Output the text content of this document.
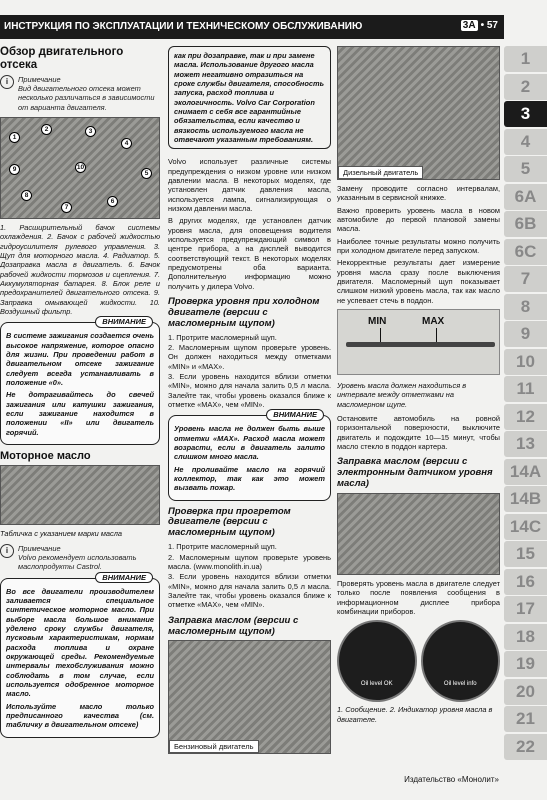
ИНСТРУКЦИЯ ПО ЭКСПЛУАТАЦИИ И ТЕХНИЧЕСКОМУ ОБСЛУЖИВАНИЮ	3A • 57
Обзор двигательного отсека
i	Примечание
Вид двигательного отсека может несколько различаться в зависимости от варианта двигателя.
1
2	3
4
5
6
7
8
9	10

1. Расширительный бачок системы охлаждения. 2. Бачок с рабочей жидкостью гидроусилителя рулевого управления. 3. Щуп для моторного масла. 4. Радиатор. 5. Дозаправка масла в двигатель. 6. Бачок рабочей жидкости тормозов и сцепления. 7. Аккумуляторная батарея. 8. Блок реле и предохранителей двигательного отсека. 9. Заправка омывающей жидкости. 10. Воздушный фильтр.

ВНИМАНИЕ

В системе зажигания создается очень высокое напряжение, которое опасно для жизни. При проведении работ в двигательном отсеке зажигание следует всегда устанавливать в положение «0».

Не дотрагивайтесь до свечей зажигания или катушки зажигания, если зажигание находится в положении «II» или двигатель горячий.

Моторное масло
Табличка с указанием марки масла
i	Примечание
Volvo рекомендует использовать маслопродукты Castrol.
ВНИМАНИЕ

Во все двигатели производителем заливается специальное синтетическое моторное масло. При выборе масла большое внимание уделено сроку службы двигателя, пусковым характеристикам, нормам расхода топлива и охране окружающей среды. Рекомендуемые интервалы техобслуживания можно соблюдать в том случае, если используется одобренное моторное масло.

Используйте масло только предписанного качества (см. табличку в двигательном отсеке)

как при дозаправке, так и при замене масла. Использование другого масла может негативно отразиться на сроке службы двигателя, способность запуска, расход топлива и экологичность. Volvo Car Corporation снимает с себя все гарантийные обязательства, если качество и вязкость используемого масла не отвечают указанным требованиям.

Volvo использует различные системы предупреждения о низком уровне или низком давлении масла. В некоторых моделях, где установлен датчик давления масла, используется лампа, сигнализирующая о низком давлении масла.

В других моделях, где установлен датчик уровня масла, для оповещения водителя используется предупреждающий символ в центре прибора, а на дисплей выводится соответствующий текст. В некоторых моделях предусмотрены оба варианта. Дополнительную информацию можно получить у дилера Volvo.

Проверка уровня при холодном двигателе (версии с масломерным щупом)

1. Протрите масломерный щуп.

2. Масломерным щупом проверьте уровень. Он должен находиться между отметками «MIN» и «MAX».

3. Если уровень находится вблизи отметки «MIN», можно для начала залить 0,5 л масла. Залейте так, чтобы уровень оказался ближе к отметке «MAX», чем «MIN».

ВНИМАНИЕ

Уровень масла не должен быть выше отметки «MAX». Расход масла может возрасти, если в двигатель залито слишком много масла.

Не проливайте масло на горячий коллектор, так как это может вызвать пожар.

Проверка при прогретом двигателе (версии с масломерным щупом)

1. Протрите масломерный щуп.

2. Масломерным щупом проверьте уровень масла. (www.monolith.in.ua)

3. Если уровень находится вблизи отметки «MIN», можно для начала залить 0,5 л масла. Залейте так, чтобы уровень оказался ближе к отметке «MAX», чем «MIN».

Заправка маслом (версии с масломерным щупом)
Бензиновый двигатель
Дизельный двигатель

Замену проводите согласно интервалам, указанным в сервисной книжке.

Важно проверить уровень масла в новом автомобиле до первой плановой замены масла.

Наиболее точные результаты можно получить при холодном двигателе перед запуском.

Некорректные результаты дает измерение уровня масла сразу после выключения двигателя. Масломерный щуп показывает слишком низкий уровень масла, так как масло не успевает стечь в поддон.

MIN	MAX
Уровень масла должен находиться в интервале между отметками на масломерном щупе.

Остановите автомобиль на ровной горизонтальной поверхности, выключите двигатель и подождите 10—15 минут, чтобы масло стекло в поддон картера.

Заправка маслом (версии с электронным датчиком уровня масла)

Проверять уровень масла в двигателе следует только после появления сообщения в информационном дисплее прибора комбинации приборов.

Oil level OK	Oil level info
1. Сообщение. 2. Индикатор уровня масла в двигателе.
1
2
3
4
5
6A
6B
6C
7
8
9
10
11
12
13
14A
14B
14C
15
16
17
18
19
20
21
22
Издательство «Монолит»
